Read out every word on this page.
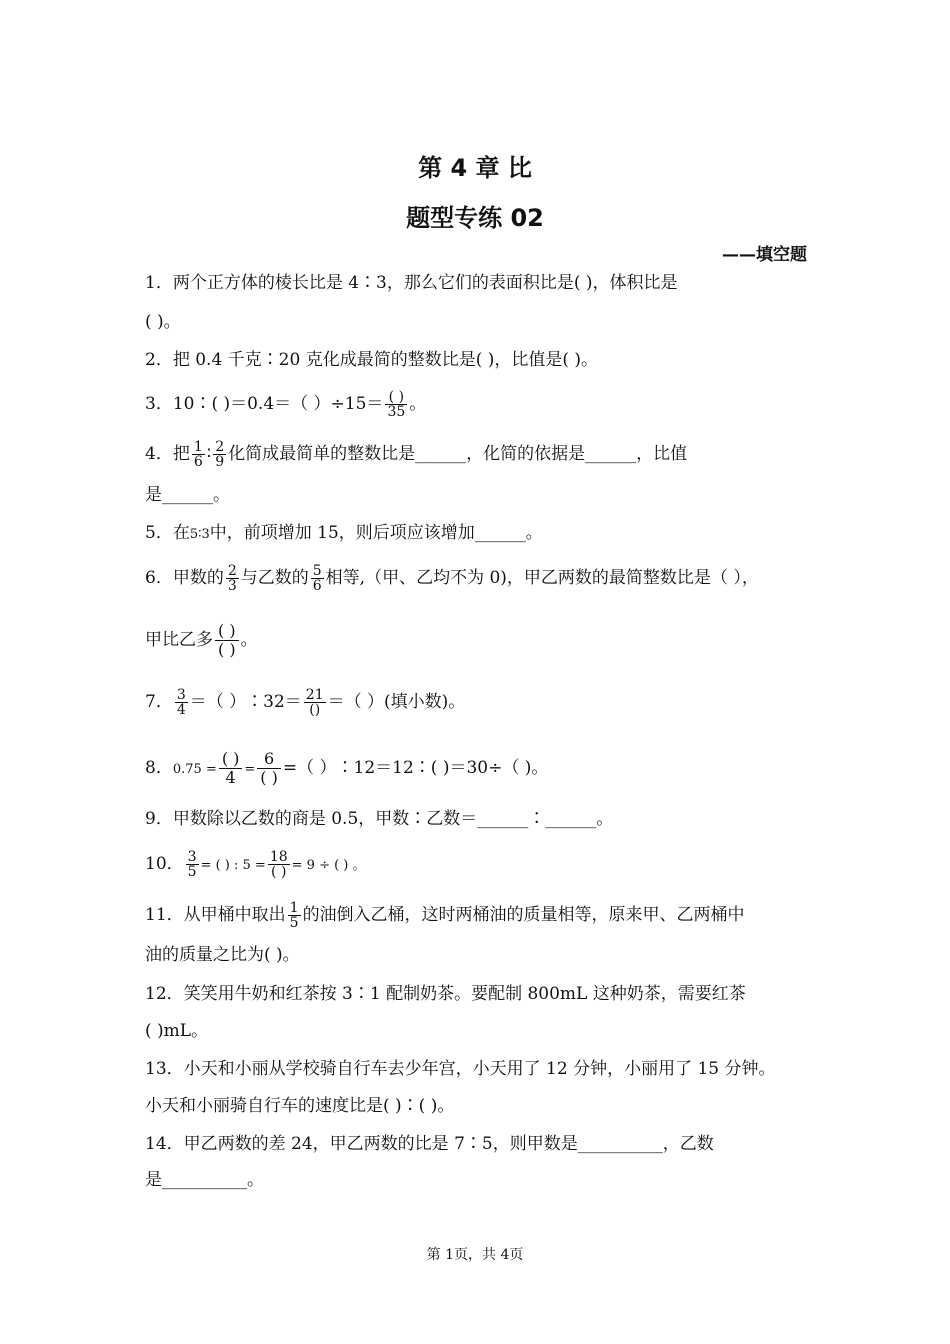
第 4 章 比
题型专练 02
——填空题
1．两个正方体的棱长比是 4∶3，那么它们的表面积比是( )，体积比是
( )。
2．把 0.4 千克∶20 克化成最简的整数比是( )，比值是( )。
3．10∶( )＝0.4＝（ ）$\div 15= \frac{( )}{35}$ 。
4．把 $\frac{1}{6}$ ∶ $\frac{2}{9}$ 化简成最简单的整数比是______，化简的依据是______，比值
是______。
5．在5∶3中，前项增加 15，则后项应该增加______。
6．甲数的 $\frac{2}{3}$ 与乙数的 $\frac{5}{6}$ 相等,（甲、乙均不为 0)，甲乙两数的最简整数比是（ ），
甲比乙多 $\frac{( )}{( )}$ 。
7． $\frac{3}{4}$ ＝（ ）∶32＝ $\frac{21}{()}$ ＝（ ）(填小数)。
8．$0.75 = \frac{( )}{4} = \frac{6}{( )}$ =（ ）∶12＝12∶( )＝30÷（ )。
9．甲数除以乙数的商是 0.5，甲数∶乙数＝______∶______。
10． $\frac{3}{5}$ = ( ) : $5 = \frac{18}{( )} = 9$ ÷ ( ) 。
11．从甲桶中取出 $\frac{1}{5}$ 的油倒入乙桶，这时两桶油的质量相等，原来甲、乙两桶中
油的质量之比为( )。
12．笑笑用牛奶和红茶按 3∶1 配制奶茶。要配制 800mL 这种奶茶，需要红茶
( )mL。
13．小天和小丽从学校骑自行车去少年宫，小天用了 12 分钟，小丽用了 15 分钟。
小天和小丽骑自行车的速度比是( )∶( )。
14．甲乙两数的差 24，甲乙两数的比是 7∶5，则甲数是__________，乙数
是__________。
第 1页，共 4页
